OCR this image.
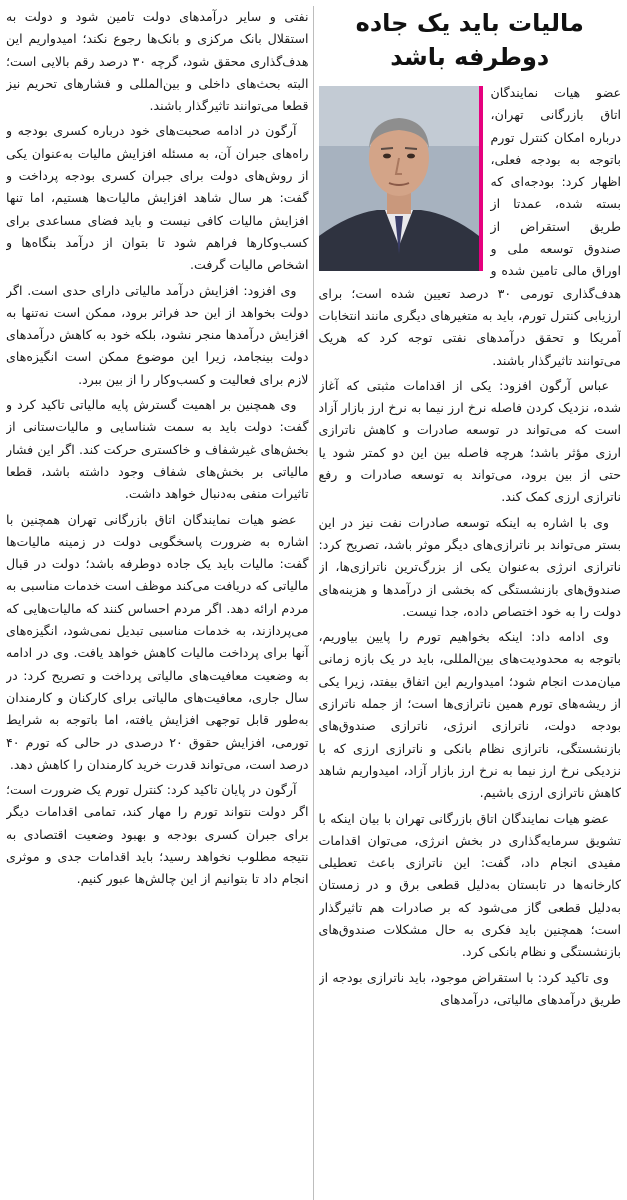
مالیات باید یک جاده دوطرفه باشد

عضو هیات نمایندگان اتاق بازرگانی تهران، درباره امکان کنترل تورم باتوجه به بودجه فعلی، اظهار کرد: بودجه‌ای که بسته شده، عمدتا از طریق استقراض از صندوق توسعه ملی و اوراق مالی تامین شده و هدف‌گذاری تورمی ۳۰ درصد تعیین شده است؛ برای ارزیابی کنترل تورم، باید به متغیرهای دیگری مانند انتخابات آمریکا و تحقق درآمدهای نفتی توجه کرد که هریک می‌توانند تاثیرگذار باشند.

عباس آرگون افزود: یکی از اقدامات مثبتی که آغاز شده، نزدیک کردن فاصله نرخ ارز نیما به نرخ ارز بازار آزاد است که می‌تواند در توسعه صادرات و کاهش ناترازی ارزی مؤثر باشد؛ هرچه فاصله بین این دو کمتر شود یا حتی از بین برود، می‌تواند به توسعه صادرات و رفع ناترازی ارزی کمک کند.

وی با اشاره به اینکه توسعه صادرات نفت نیز در این بستر می‌تواند بر ناترازی‌های دیگر موثر باشد، تصریح کرد: ناترازی انرژی به‌عنوان یکی از بزرگ‌ترین ناترازی‌ها، از صندوق‌های بازنشستگی که بخشی از درآمدها و هزینه‌های دولت را به خود اختصاص داده، جدا نیست.

وی ادامه داد: اینکه بخواهیم تورم را پایین بیاوریم، باتوجه به محدودیت‌های بین‌المللی، باید در یک بازه زمانی میان‌مدت انجام شود؛ امیدواریم این اتفاق بیفتد، زیرا یکی از ریشه‌های تورم همین ناترازی‌ها است؛ از جمله ناترازی بودجه دولت، ناترازی انرژی، ناترازی صندوق‌های بازنشستگی، ناترازی نظام بانکی و ناترازی ارزی که با نزدیکی نرخ ارز نیما به نرخ ارز بازار آزاد، امیدواریم شاهد کاهش ناترازی ارزی باشیم.

عضو هیات نمایندگان اتاق بازرگانی تهران با بیان اینکه با تشویق سرمایه‌گذاری در بخش انرژی، می‌توان اقدامات مفیدی انجام داد، گفت: این ناترازی باعث تعطیلی کارخانه‌ها در تابستان به‌دلیل قطعی برق و در زمستان به‌دلیل قطعی گاز می‌شود که بر صادرات هم تاثیرگذار است؛ همچنین باید فکری به حال مشکلات صندوق‌های بازنشستگی و نظام بانکی کرد.

وی تاکید کرد: با استقراض موجود، باید ناترازی بودجه از طریق درآمدهای مالیاتی، درآمدهای

نفتی و سایر درآمدهای دولت تامین شود و دولت به استقلال بانک مرکزی و بانک‌ها رجوع نکند؛ امیدواریم این هدف‌گذاری محقق شود، گرچه ۳۰ درصد رقم بالایی است؛ البته بحث‌های داخلی و بین‌المللی و فشارهای تحریم نیز قطعا می‌توانند تاثیرگذار باشند.

آرگون در ادامه صحبت‌های خود درباره کسری بودجه و راه‌های جبران آن، به مسئله افزایش مالیات به‌عنوان یکی از روش‌های دولت برای جبران کسری بودجه پرداخت و گفت: هر سال شاهد افزایش مالیات‌ها هستیم، اما تنها افزایش مالیات کافی نیست و باید فضای مساعدی برای کسب‌وکارها فراهم شود تا بتوان از درآمد بنگاه‌ها و اشخاص مالیات گرفت.

وی افزود: افزایش درآمد مالیاتی دارای حدی است. اگر دولت بخواهد از این حد فراتر برود، ممکن است نه‌تنها به افزایش درآمدها منجر نشود، بلکه خود به کاهش درآمدهای دولت بینجامد، زیرا این موضوع ممکن است انگیزه‌های لازم برای فعالیت و کسب‌وکار را از بین ببرد.

وی همچنین بر اهمیت گسترش پایه مالیاتی تاکید کرد و گفت: دولت باید به سمت شناسایی و مالیات‌ستانی از بخش‌های غیرشفاف و خاکستری حرکت کند. اگر این فشار مالیاتی بر بخش‌های شفاف وجود داشته باشد، قطعا تاثیرات منفی به‌دنبال خواهد داشت.

عضو هیات نمایندگان اتاق بازرگانی تهران همچنین با اشاره به ضرورت پاسخگویی دولت در زمینه مالیات‌ها گفت: مالیات باید یک جاده دوطرفه باشد؛ دولت در قبال مالیاتی که دریافت می‌کند موظف است خدمات مناسبی به مردم ارائه دهد. اگر مردم احساس کنند که مالیات‌هایی که می‌پردازند، به خدمات مناسبی تبدیل نمی‌شود، انگیزه‌های آنها برای پرداخت مالیات کاهش خواهد یافت. وی در ادامه به وضعیت معافیت‌های مالیاتی پرداخت و تصریح کرد: در سال جاری، معافیت‌های مالیاتی برای کارکنان و کارمندان به‌طور قابل توجهی افزایش یافته، اما باتوجه به شرایط تورمی، افزایش حقوق ۲۰ درصدی در حالی که تورم ۴۰ درصد است، می‌تواند قدرت خرید کارمندان را کاهش دهد.

آرگون در پایان تاکید کرد: کنترل تورم یک ضرورت است؛ اگر دولت نتواند تورم را مهار کند، تمامی اقدامات دیگر برای جبران کسری بودجه و بهبود وضعیت اقتصادی به نتیجه مطلوب نخواهد رسید؛ باید اقدامات جدی و موثری انجام داد تا بتوانیم از این چالش‌ها عبور کنیم.
